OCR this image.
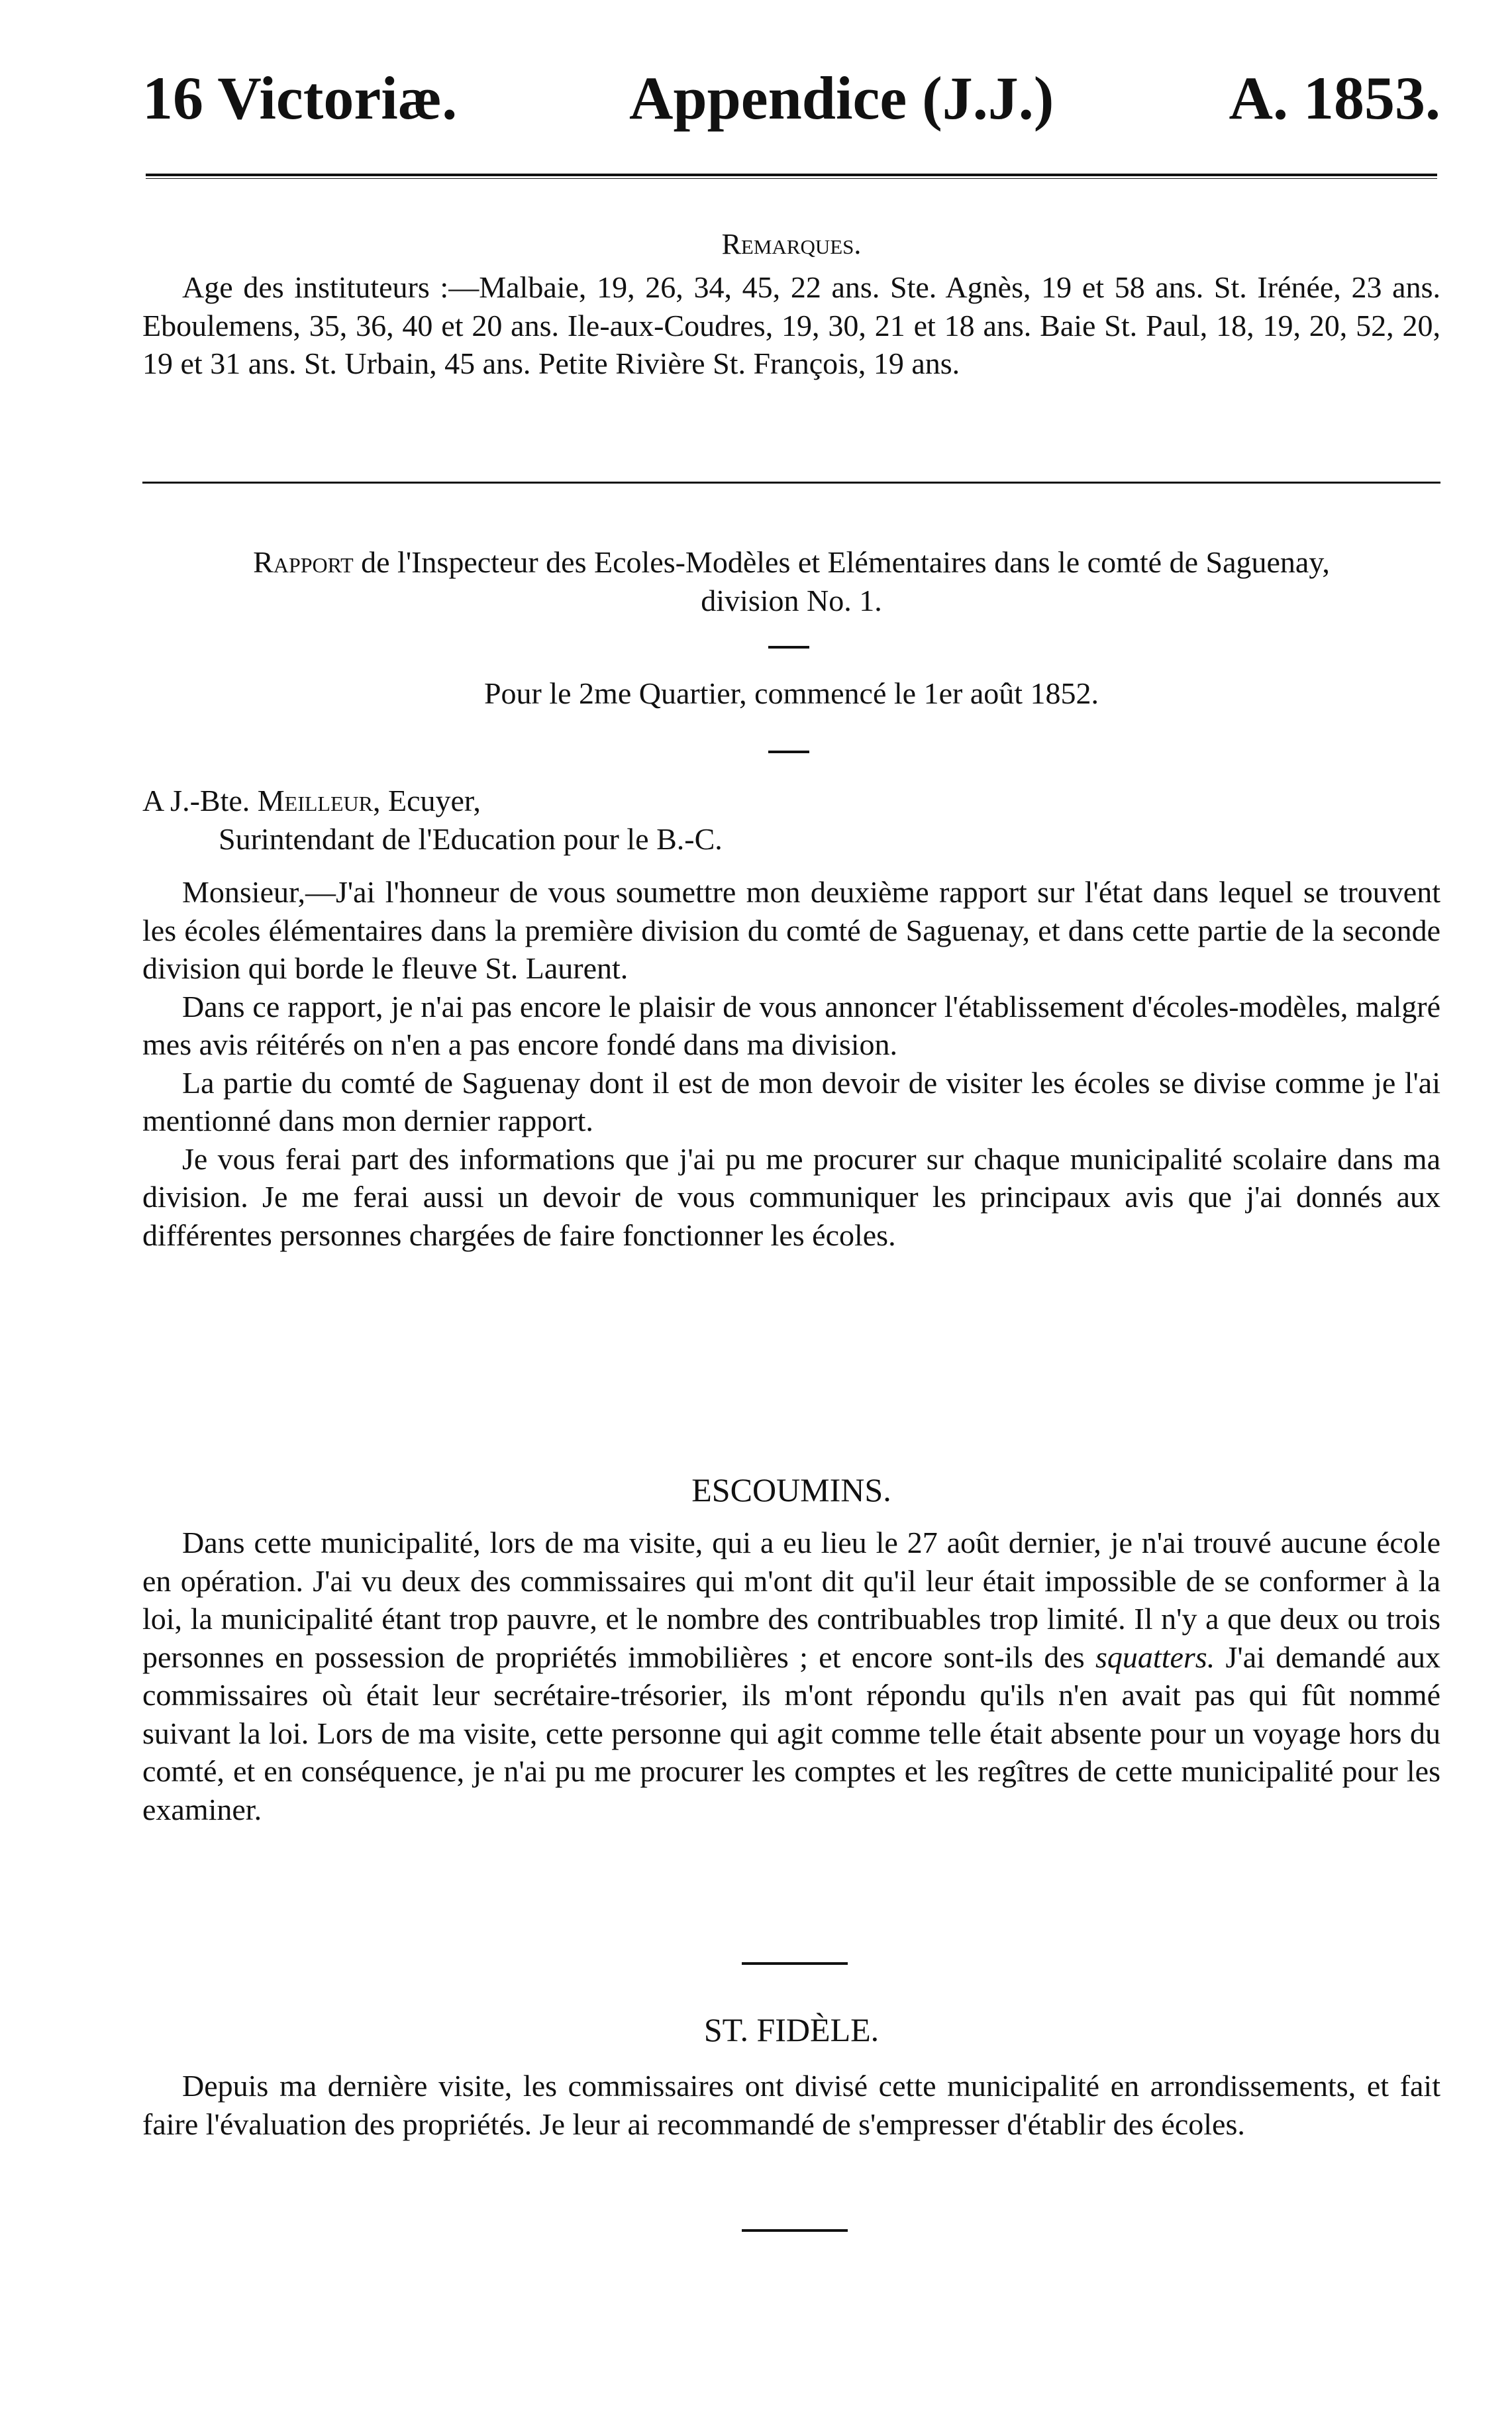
16 Victoriæ.	Appendice (J.J.)	A. 1853.
Remarques.

Age des instituteurs :—Malbaie, 19, 26, 34, 45, 22 ans. Ste. Agnès, 19 et 58 ans. St. Irénée, 23 ans. Eboulemens, 35, 36, 40 et 20 ans. Ile-aux-Coudres, 19, 30, 21 et 18 ans. Baie St. Paul, 18, 19, 20, 52, 20, 19 et 31 ans. St. Urbain, 45 ans. Petite Rivière St. François, 19 ans.

Rapport de l'Inspecteur des Ecoles-Modèles et Elémentaires dans le comté de Saguenay, division No. 1.
Pour le 2me Quartier, commencé le 1er août 1852.

A J.-Bte. Meilleur, Ecuyer,

Surintendant de l'Education pour le B.-C.

Monsieur,—J'ai l'honneur de vous soumettre mon deuxième rapport sur l'état dans lequel se trouvent les écoles élémentaires dans la première division du comté de Saguenay, et dans cette partie de la seconde division qui borde le fleuve St. Laurent.

Dans ce rapport, je n'ai pas encore le plaisir de vous annoncer l'établissement d'écoles-modèles, malgré mes avis réitérés on n'en a pas encore fondé dans ma division.

La partie du comté de Saguenay dont il est de mon devoir de visiter les écoles se divise comme je l'ai mentionné dans mon dernier rapport.

Je vous ferai part des informations que j'ai pu me procurer sur chaque municipalité scolaire dans ma division. Je me ferai aussi un devoir de vous communiquer les principaux avis que j'ai donnés aux différentes personnes chargées de faire fonctionner les écoles.

ESCOUMINS.

Dans cette municipalité, lors de ma visite, qui a eu lieu le 27 août dernier, je n'ai trouvé aucune école en opération. J'ai vu deux des commissaires qui m'ont dit qu'il leur était impossible de se conformer à la loi, la municipalité étant trop pauvre, et le nombre des contribuables trop limité. Il n'y a que deux ou trois personnes en possession de propriétés immobilières ; et encore sont-ils des squatters. J'ai demandé aux commissaires où était leur secrétaire-trésorier, ils m'ont répondu qu'ils n'en avait pas qui fût nommé suivant la loi. Lors de ma visite, cette personne qui agit comme telle était absente pour un voyage hors du comté, et en conséquence, je n'ai pu me procurer les comptes et les regîtres de cette municipalité pour les examiner.

ST. FIDÈLE.

Depuis ma dernière visite, les commissaires ont divisé cette municipalité en arrondissements, et fait faire l'évaluation des propriétés. Je leur ai recommandé de s'empresser d'établir des écoles.
